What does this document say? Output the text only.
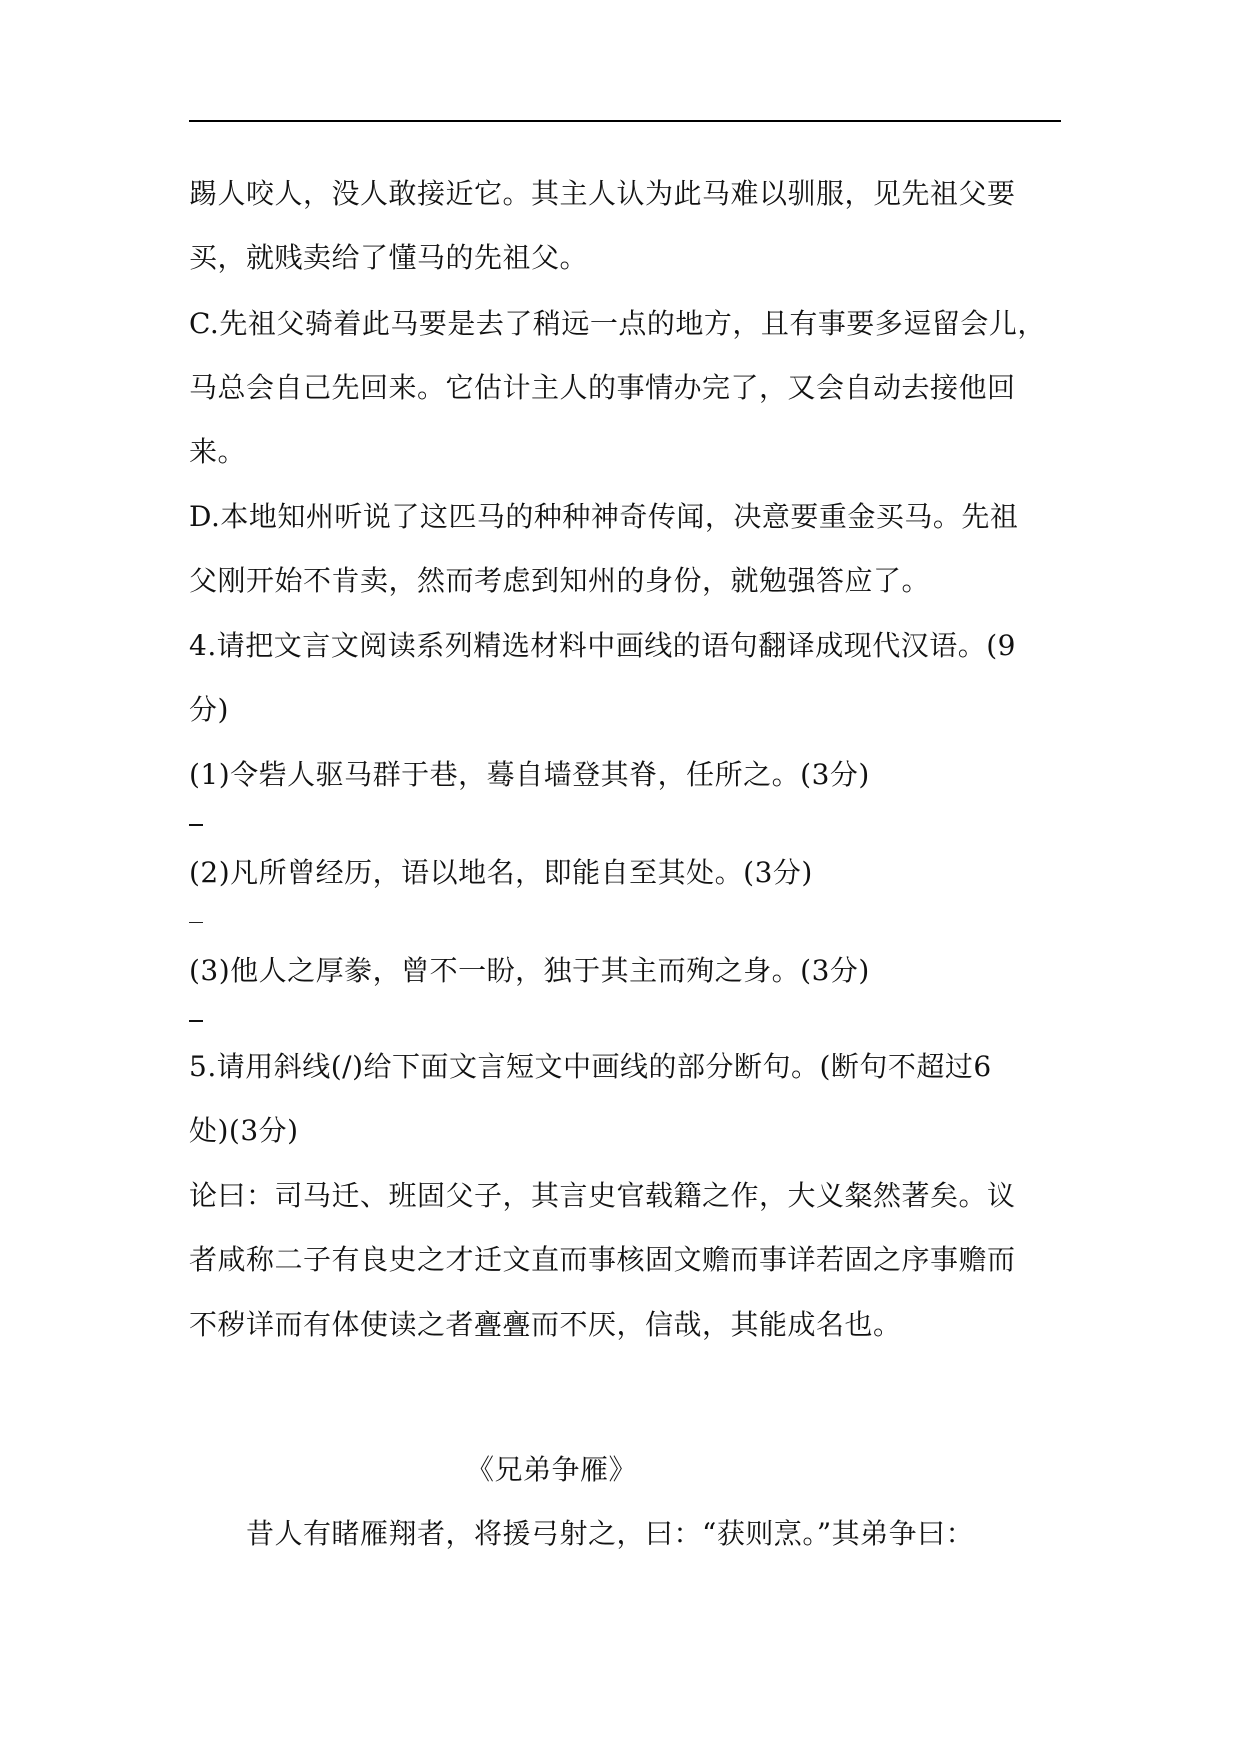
踢人咬人，没人敢接近它。其主人认为此马难以驯服，见先祖父要
买，就贱卖给了懂马的先祖父。
C.先祖父骑着此马要是去了稍远一点的地方，且有事要多逗留会儿，
马总会自己先回来。它估计主人的事情办完了，又会自动去接他回
来。
D.本地知州听说了这匹马的种种神奇传闻，决意要重金买马。先祖
父刚开始不肯卖，然而考虑到知州的身份，就勉强答应了。
4.请把文言文阅读系列精选材料中画线的语句翻译成现代汉语。(9
分)
(1)令砦人驱马群于巷，蓦自墙登其脊，任所之。(3分)
(2)凡所曾经历，语以地名，即能自至其处。(3分)
(3)他人之厚豢，曾不一盼，独于其主而殉之身。(3分)
5.请用斜线(/)给下面文言短文中画线的部分断句。(断句不超过6
处)(3分)
论曰：司马迁、班固父子，其言史官载籍之作，大义粲然著矣。议
者咸称二子有良史之才迁文直而事核固文赡而事详若固之序事赡而
不秽详而有体使读之者亹亹而不厌，信哉，其能成名也。
《兄弟争雁》
昔人有睹雁翔者，将援弓射之，曰：“获则烹。”其弟争曰：
